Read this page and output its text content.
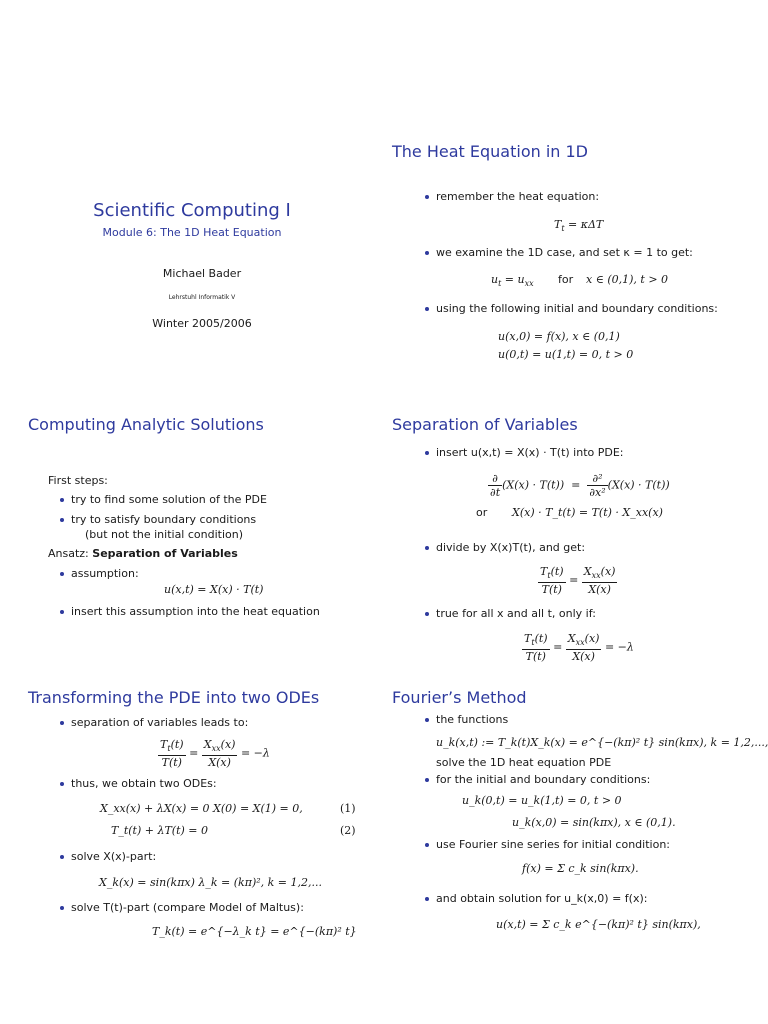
Scientific Computing I
Module 6: The 1D Heat Equation
Michael Bader
Lehrstuhl Informatik V
Winter 2005/2006
The Heat Equation in 1D
remember the heat equation:
$T_t = \kappa\Delta T$
we examine the 1D case, and set κ = 1 to get:
$u_t = u_{xx}$ for x ∈ (0,1), t > 0
using the following initial and boundary conditions:
u(x,0) = f(x), x ∈ (0,1)
u(0,t) = u(1,t) = 0, t > 0
Computing Analytic Solutions
First steps:
try to find some solution of the PDE
try to satisfy boundary conditions
(but not the initial condition)
Ansatz: Separation of Variables
assumption:
u(x,t) = X(x) · T(t)
insert this assumption into the heat equation
Separation of Variables
insert u(x,t) = X(x) · T(t) into PDE:
$\frac{\partial}{\partial t} (X(x) \cdot T(t)) = \frac{\text{∂²}}{\text{∂x²}} (X(x) \cdot T(t))$
or X(x) · T_t(t) = T(t) · X_xx(x)
divide by X(x)T(t), and get:
$\frac{T_t(t)}{T(t)} = \frac{X_{xx}(x)}{X(x)}$
true for all x and all t, only if:
$\frac{T_t(t)}{T(t)} = \frac{X_{xx}(x)}{X(x)} = -\lambda$
Transforming the PDE into two ODEs
separation of variables leads to:
$\frac{T_t(t)}{T(t)} = \frac{X_{xx}(x)}{X(x)} = -\lambda$
thus, we obtain two ODEs:
X_xx(x) + λX(x) = 0 X(0) = X(1) = 0,	(1)
T_t(t) + λT(t) = 0	(2)
solve X(x)-part:
X_k(x) = sin(kπx) λ_k = (kπ)², k = 1,2,...
solve T(t)-part (compare Model of Maltus):
T_k(t) = e^{−λ_k t} = e^{−(kπ)² t}
Fourier’s Method
the functions
u_k(x,t) := T_k(t)X_k(x) = e^{−(kπ)² t} sin(kπx), k = 1,2,...,
solve the 1D heat equation PDE
for the initial and boundary conditions:
u_k(0,t) = u_k(1,t) = 0, t > 0
u_k(x,0) = sin(kπx), x ∈ (0,1).
use Fourier sine series for initial condition:
f(x) = Σ c_k sin(kπx).
and obtain solution for u_k(x,0) = f(x):
u(x,t) = Σ c_k e^{−(kπ)² t} sin(kπx),
